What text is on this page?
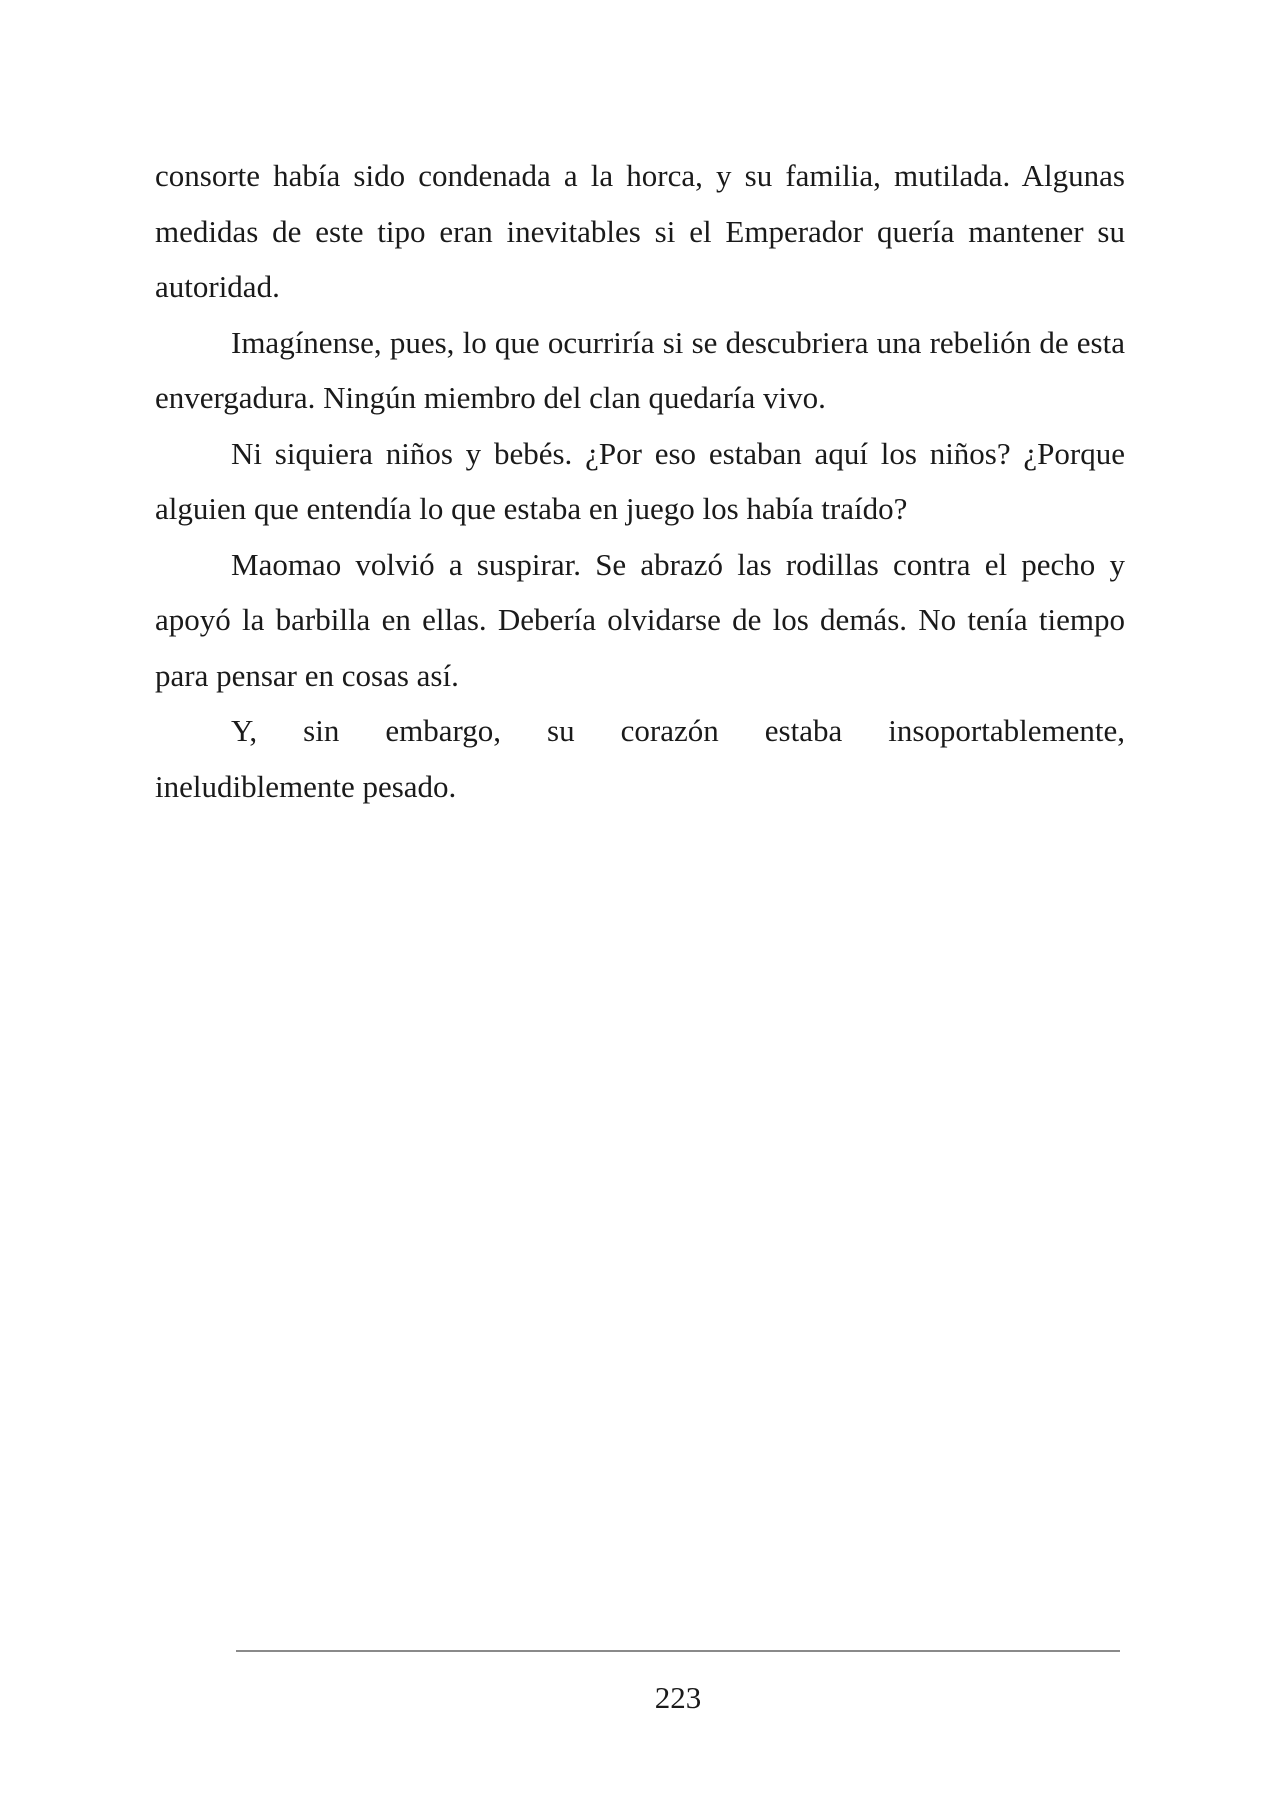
consorte había sido condenada a la horca, y su familia, mutilada. Algunas medidas de este tipo eran inevitables si el Emperador quería mantener su autoridad.

Imagínense, pues, lo que ocurriría si se descubriera una rebelión de esta envergadura. Ningún miembro del clan quedaría vivo.

Ni siquiera niños y bebés. ¿Por eso estaban aquí los niños? ¿Porque alguien que entendía lo que estaba en juego los había traído?

Maomao volvió a suspirar. Se abrazó las rodillas contra el pecho y apoyó la barbilla en ellas. Debería olvidarse de los demás. No tenía tiempo para pensar en cosas así.

Y, sin embargo, su corazón estaba insoportablemente,

ineludiblemente pesado.

223
